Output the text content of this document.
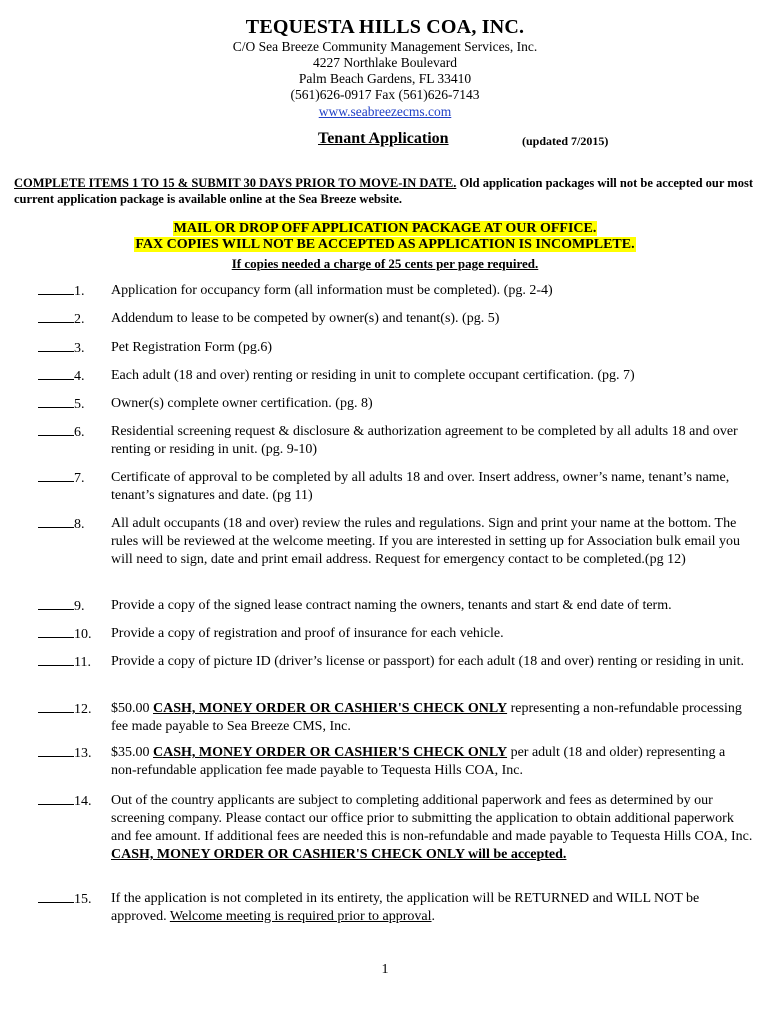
TEQUESTA HILLS COA, INC.
C/O Sea Breeze Community Management Services, Inc.
4227 Northlake Boulevard
Palm Beach Gardens, FL 33410
(561)626-0917 Fax (561)626-7143
www.seabreezecms.com
Tenant Application	(updated 7/2015)
COMPLETE ITEMS 1 TO 15 & SUBMIT 30 DAYS PRIOR TO MOVE-IN DATE. Old application packages will not be accepted our most current application package is available online at the Sea Breeze website.
MAIL OR DROP OFF APPLICATION PACKAGE AT OUR OFFICE.
FAX COPIES WILL NOT BE ACCEPTED AS APPLICATION IS INCOMPLETE.
If copies needed a charge of 25 cents per page required.
1.	Application for occupancy form (all information must be completed). (pg. 2-4)
2.	Addendum to lease to be competed by owner(s) and tenant(s). (pg. 5)
3.	Pet Registration Form (pg.6)
4.	Each adult (18 and over) renting or residing in unit to complete occupant certification. (pg. 7)
5.	Owner(s) complete owner certification. (pg. 8)
6.	Residential screening request & disclosure & authorization agreement to be completed by all adults 18 and over renting or residing in unit. (pg. 9-10)
7.	Certificate of approval to be completed by all adults 18 and over. Insert address, owner’s name, tenant’s name, tenant’s signatures and date. (pg 11)
8.	All adult occupants (18 and over) review the rules and regulations. Sign and print your name at the bottom. The rules will be reviewed at the welcome meeting. If you are interested in setting up for Association bulk email you will need to sign, date and print email address. Request for emergency contact to be completed.(pg 12)
9.	Provide a copy of the signed lease contract naming the owners, tenants and start & end date of term.
10.	Provide a copy of registration and proof of insurance for each vehicle.
11.	Provide a copy of picture ID (driver’s license or passport) for each adult (18 and over) renting or residing in unit.
12.	$50.00 CASH, MONEY ORDER OR CASHIER'S CHECK ONLY representing a non-refundable processing fee made payable to Sea Breeze CMS, Inc.
13.	$35.00 CASH, MONEY ORDER OR CASHIER'S CHECK ONLY per adult (18 and older) representing a non-refundable application fee made payable to Tequesta Hills COA, Inc.
14.	Out of the country applicants are subject to completing additional paperwork and fees as determined by our screening company. Please contact our office prior to submitting the application to obtain additional paperwork and fee amount. If additional fees are needed this is non-refundable and made payable to Tequesta Hills COA, Inc. CASH, MONEY ORDER OR CASHIER'S CHECK ONLY will be accepted.
15.	If the application is not completed in its entirety, the application will be RETURNED and WILL NOT be approved. Welcome meeting is required prior to approval.
1
